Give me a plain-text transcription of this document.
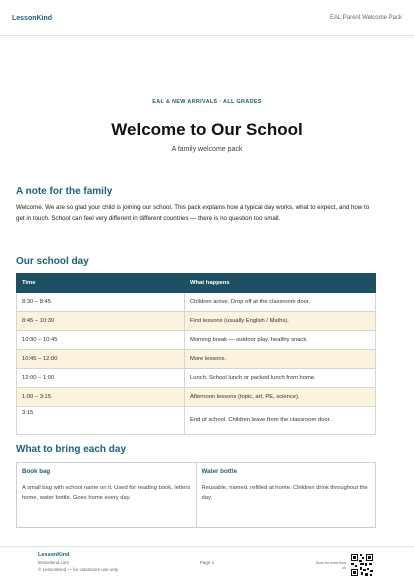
LessonKind	EAL Parent Welcome Pack
EAL & NEW ARRIVALS · ALL GRADES
Welcome to Our School
A family welcome pack
A note for the family
Welcome. We are so glad your child is joining our school. This pack explains how a typical day works, what to expect, and how to get in touch. School can feel very different in different countries — there is no question too small.
Our school day
Time	What happens
8:30 – 8:45	Children arrive. Drop off at the classroom door.
8:45 – 10:30	First lessons (usually English / Maths).
10:30 – 10:45	Morning break — outdoor play, healthy snack.
10:45 – 12:00	More lessons.
12:00 – 1:00	Lunch. School lunch or packed lunch from home.
1:00 – 3:15	Afternoon lessons (topic, art, PE, science).
3:15	End of school. Children leave from the classroom door.
What to bring each day
Book bag
A small bag with school name on it. Used for reading book, letters home, water bottle. Goes home every day.
Water bottle
Reusable, named, refilled at home. Children drink throughout the day.
LessonKind
lessonkind.com
© LessonKind — for classroom use only
Page 1	Scan for more from us
